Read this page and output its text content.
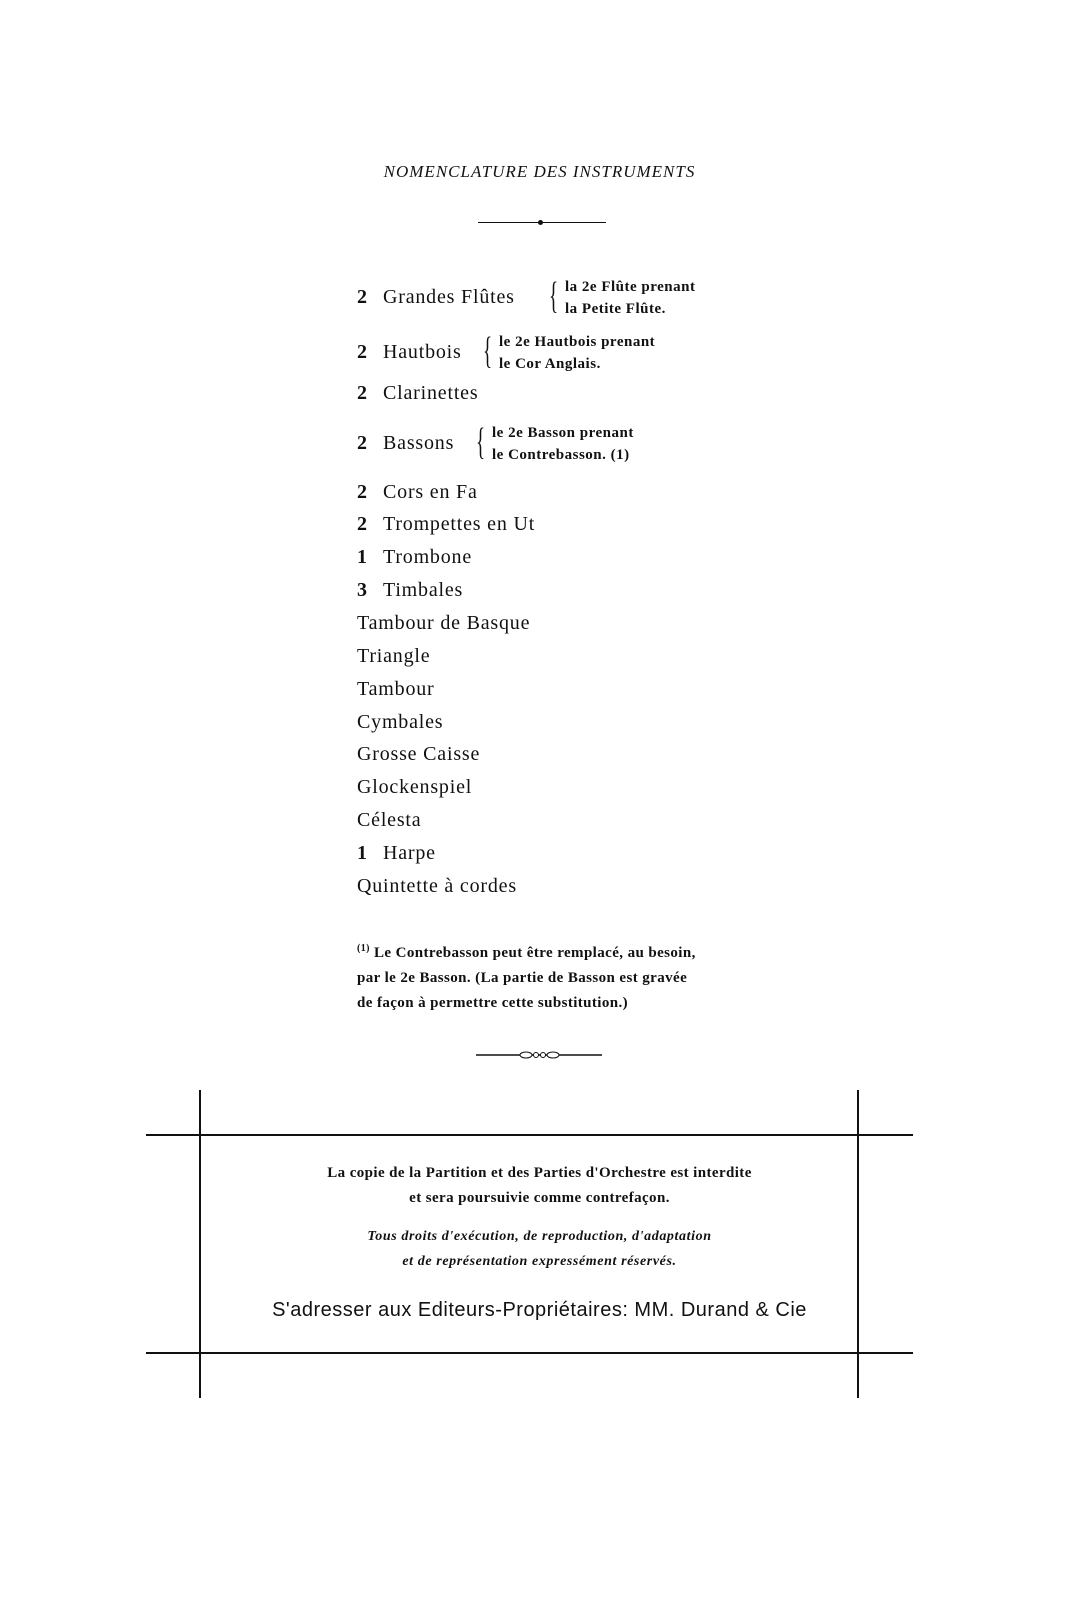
NOMENCLATURE DES INSTRUMENTS
2 Grandes Flûtes { la 2e Flûte prenant
la Petite Flûte.
2 Hautbois { le 2e Hautbois prenant
le Cor Anglais.
2 Clarinettes
2 Bassons { le 2e Basson prenant
le Contrebasson. (1)
2 Cors en Fa
2 Trompettes en Ut
1 Trombone
3 Timbales
Tambour de Basque
Triangle
Tambour
Cymbales
Grosse Caisse
Glockenspiel
Célesta
1 Harpe
Quintette à cordes
$^{(1)}$ Le Contrebasson peut être remplacé, au besoin,
par le 2e Basson. (La partie de Basson est gravée
de façon à permettre cette substitution.)
La copie de la Partition et des Parties d'Orchestre est interdite
et sera poursuivie comme contrefaçon.
Tous droits d'exécution, de reproduction, d'adaptation
et de représentation expressément réservés.
S'adresser aux Editeurs-Propriétaires: MM. Durand & Cie
